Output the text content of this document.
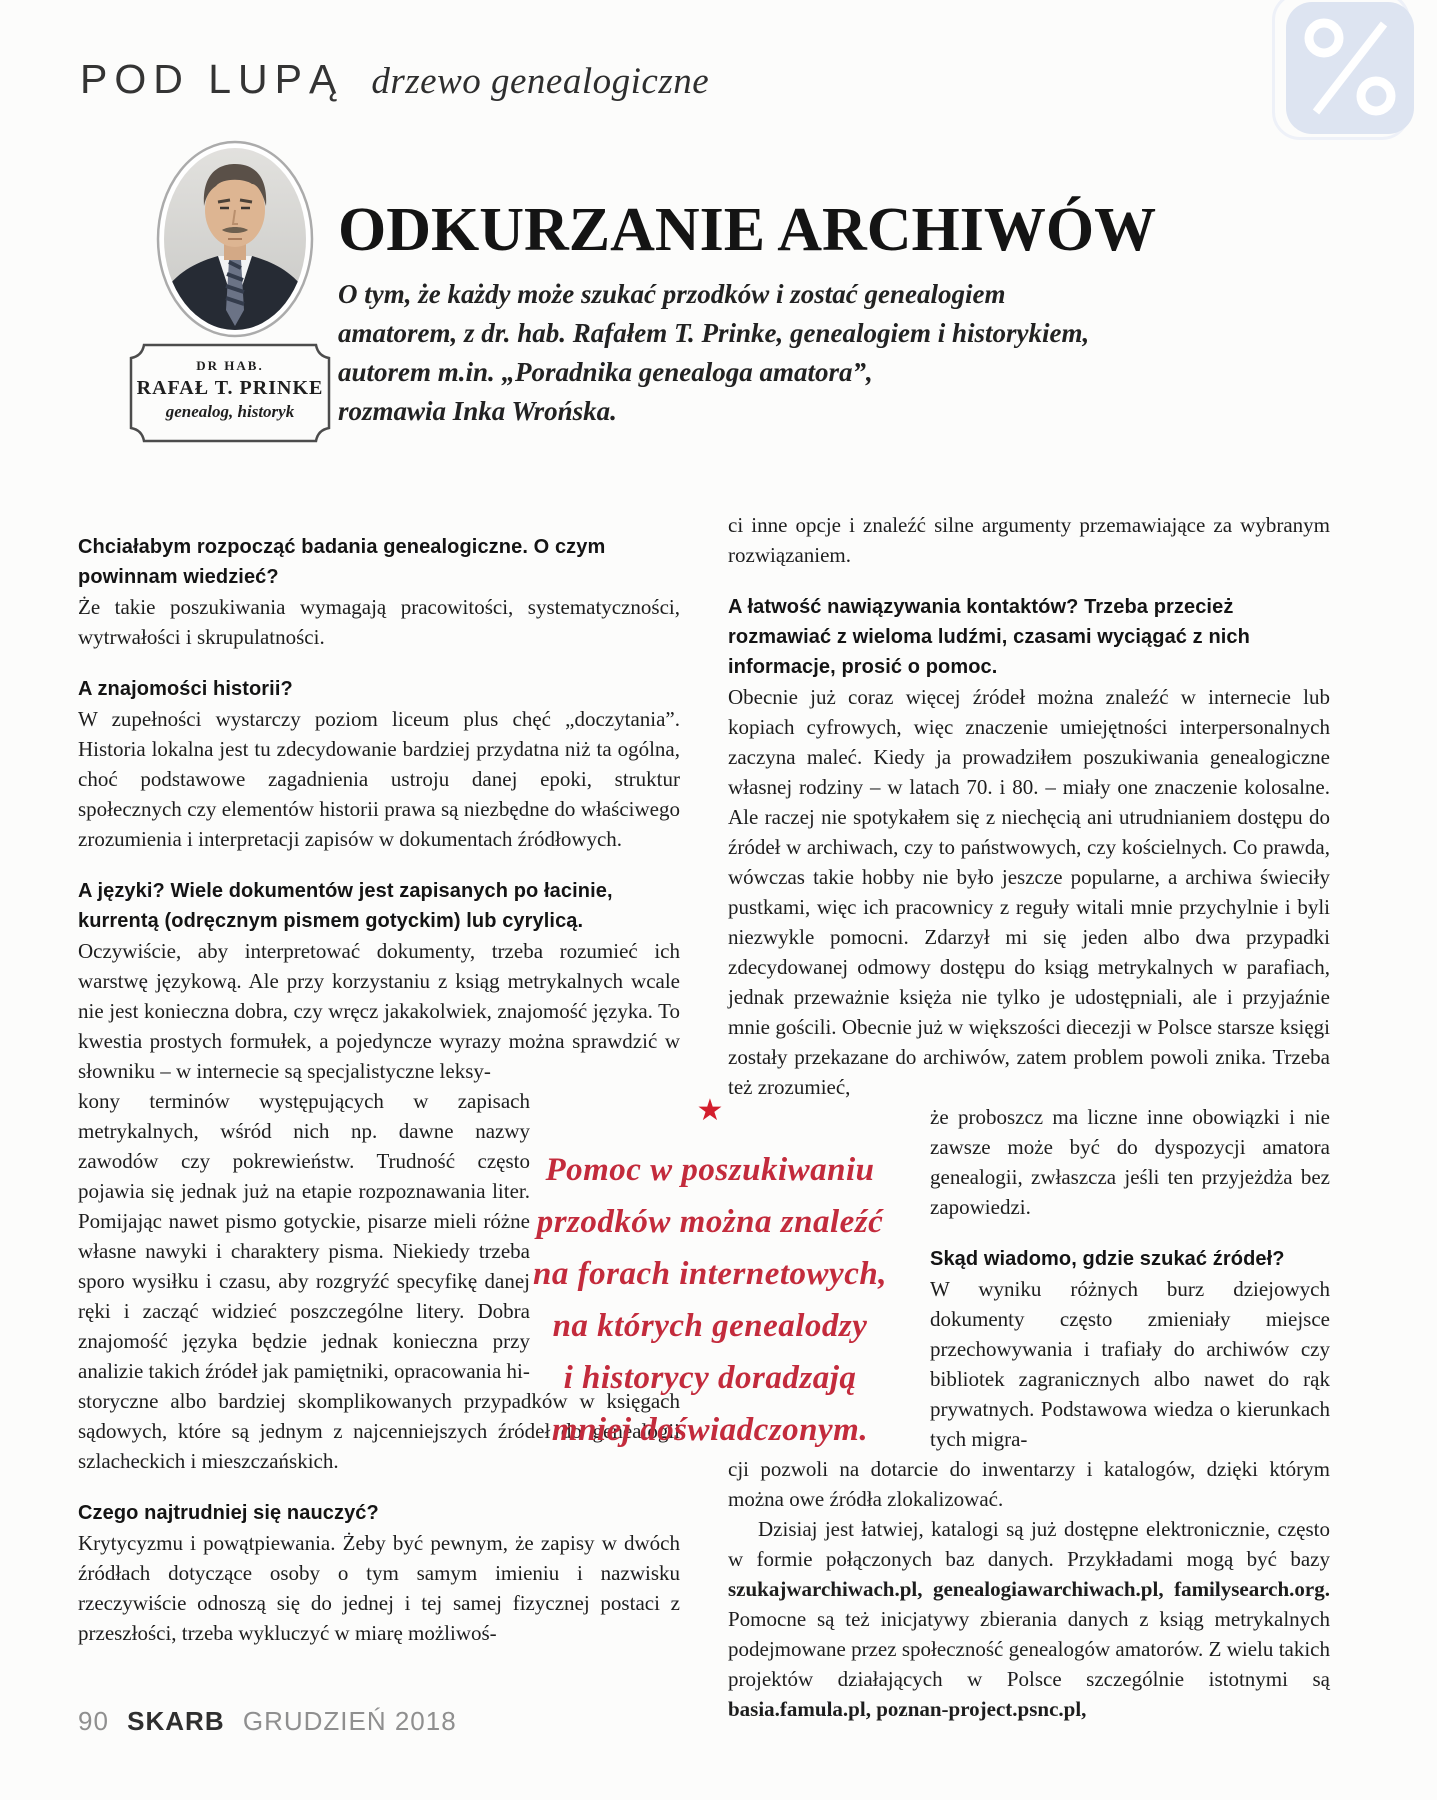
POD LUPĄ drzewo genealogiczne
DR HAB.
RAFAŁ T. PRINKE
genealog, historyk
ODKURZANIE ARCHIWÓW
O tym, że każdy może szukać przodków i zostać genealogiem
amatorem, z dr. hab. Rafałem T. Prinke, genealogiem i historykiem,
autorem m.in. „Poradnika genealoga amatora”,
rozmawia Inka Wrońska.
Chciałabym rozpocząć badania genealogiczne. O czym powinnam wiedzieć?
Że takie poszukiwania wymagają pracowitości, systematyczności, wytrwałości i skrupulatności.
A znajomości historii?
W zupełności wystarczy poziom liceum plus chęć „doczytania”. Historia lokalna jest tu zdecydowanie bardziej przydatna niż ta ogólna, choć podstawowe zagadnienia ustroju danej epoki, struktur społecznych czy elementów historii prawa są niezbędne do właściwego zrozumienia i interpretacji zapisów w dokumentach źródłowych.
A języki? Wiele dokumentów jest zapisanych po łacinie, kurrentą (odręcznym pismem gotyckim) lub cyrylicą.
Oczywiście, aby interpretować dokumenty, trzeba rozumieć ich warstwę językową. Ale przy korzystaniu z ksiąg metrykalnych wcale nie jest konieczna dobra, czy wręcz jakakolwiek, znajomość języka. To kwestia prostych formułek, a pojedyncze wyrazy można sprawdzić w słowniku – w internecie są specjalistyczne leksy-
kony terminów występujących w zapisach metrykalnych, wśród nich np. dawne nazwy zawodów czy pokrewieństw. Trudność często pojawia się jednak już na etapie rozpoznawania liter. Pomijając nawet pismo gotyckie, pisarze mieli różne własne nawyki i charaktery pisma. Niekiedy trzeba sporo wysiłku i czasu, aby rozgryźć specyfikę danej ręki i zacząć widzieć poszczególne litery. Dobra znajomość języka będzie jednak konieczna przy analizie takich źródeł jak pamiętniki, opracowania hi-
storyczne albo bardziej skomplikowanych przypadków w księgach sądowych, które są jednym z najcenniejszych źródeł do genealogii szlacheckich i mieszczańskich.
Czego najtrudniej się nauczyć?
Krytycyzmu i powątpiewania. Żeby być pewnym, że zapisy w dwóch źródłach dotyczące osoby o tym samym imieniu i nazwisku rzeczywiście odnoszą się do jednej i tej samej fizycznej postaci z przeszłości, trzeba wykluczyć w miarę możliwoś-
ci inne opcje i znaleźć silne argumenty przemawiające za wybranym rozwiązaniem.
A łatwość nawiązywania kontaktów? Trzeba przecież rozmawiać z wieloma ludźmi, czasami wyciągać z nich informacje, prosić o pomoc.
Obecnie już coraz więcej źródeł można znaleźć w internecie lub kopiach cyfrowych, więc znaczenie umiejętności interpersonalnych zaczyna maleć. Kiedy ja prowadziłem poszukiwania genealogiczne własnej rodziny – w latach 70. i 80. – miały one znaczenie kolosalne. Ale raczej nie spotykałem się z niechęcią ani utrudnianiem dostępu do źródeł w archiwach, czy to państwowych, czy kościelnych. Co prawda, wówczas takie hobby nie było jeszcze popularne, a archiwa świeciły pustkami, więc ich pracownicy z reguły witali mnie przychylnie i byli niezwykle pomocni. Zdarzył mi się jeden albo dwa przypadki zdecydowanej odmowy dostępu do ksiąg metrykalnych w parafiach, jednak przeważnie księża nie tylko je udostępniali, ale i przyjaźnie mnie gościli. Obecnie już w większości diecezji w Polsce starsze księgi zostały przekazane do archiwów, zatem problem powoli znika. Trzeba też zrozumieć,
że proboszcz ma liczne inne obowiązki i nie zawsze może być do dyspozycji amatora genealogii, zwłaszcza jeśli ten przyjeżdża bez zapowiedzi.
Skąd wiadomo, gdzie szukać źródeł?
W wyniku różnych burz dziejowych dokumenty często zmieniały miejsce przechowywania i trafiały do archiwów czy bibliotek zagranicznych albo nawet do rąk prywatnych. Podstawowa wiedza o kierunkach tych migra-
cji pozwoli na dotarcie do inwentarzy i katalogów, dzięki którym można owe źródła zlokalizować.
Dzisiaj jest łatwiej, katalogi są już dostępne elektronicznie, często w formie połączonych baz danych. Przykładami mogą być bazy szukajwarchiwach.pl, genealogiawarchiwach.pl, familysearch.org. Pomocne są też inicjatywy zbierania danych z ksiąg metrykalnych podejmowane przez społeczność genealogów amatorów. Z wielu takich projektów działających w Polsce szczególnie istotnymi są basia.famula.pl, poznan-project.psnc.pl,
★
Pomoc w poszukiwaniu
przodków można znaleźć
na forach internetowych,
na których genealodzy
i historycy doradzają
mniej doświadczonym.
90 SKARB GRUDZIEŃ 2018
